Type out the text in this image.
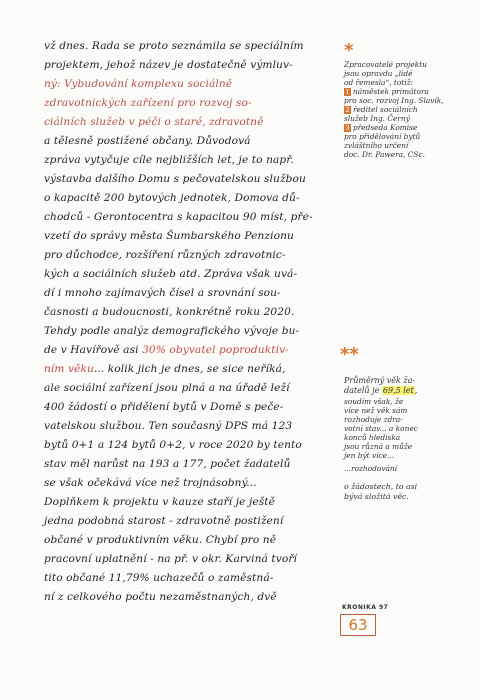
vž dnes. Rada se proto seznámila se speciálním
projektem, jehož název je dostatečně výmluv-
ný: Vybudování komplexu sociálně
zdravotnických zařízení pro rozvoj so-
ciálních služeb v péči o staré, zdravotně
a tělesně postižené občany. Důvodová
zpráva vytyčuje cíle nejbližších let, je to např.
výstavba dalšího Domu s pečovatelskou službou
o kapacitě 200 bytových jednotek, Domova dů-
chodců - Gerontocentra s kapacitou 90 míst, pře-
vzetí do správy města Šumbarského Penzionu
pro důchodce, rozšíření různých zdravotnic-
kých a sociálních služeb atd. Zpráva však uvá-
dí i mnoho zajímavých čísel a srovnání sou-
časnosti a budoucnosti, konkrétně roku 2020.
Tehdy podle analýz demografického vývoje bu-
de v Havířově asi 30% obyvatel poproduktiv-
ním věku... kolik jich je dnes, se sice neříká,
ale sociální zařízení jsou plná a na úřadě leží
400 žádostí o přidělení bytů v Domě s peče-
vatelskou službou. Ten současný DPS má 123
bytů 0+1 a 124 bytů 0+2, v roce 2020 by tento
stav měl narůst na 193 a 177, počet žadatelů
se však očekává více než trojnásobný...
Doplňkem k projektu v kauze staří je ještě
jedna podobná starost - zdravotně postižení
občané v produktivním věku. Chybí pro ně
pracovní uplatnění - na př. v okr. Karviná tvoří
tito občané 11,79% uchazečů o zaměstná-
ní z celkového počtu nezaměstnaných, dvě
*
Zpracovatelé projektu
jsou opravdu „lidé
od řemesla“, totiž:
1 náměstek primátora
pro soc. rozvoj Ing. Slavík,
2 ředitel sociálních
služeb Ing. Černý
3 předseda Komise
pro přidělování bytů
zvláštního určení
doc. Dr. Pawera, CSc.
**
Průměrný věk ža-
datelů je 69,5 let,
soudím však, že
více než věk sám
rozhoduje zdra-
votní stav... a konec
konců hlediska
jsou různá a může
jen být více...
...rozhodování
o žádostech, to asi
bývá složitá věc.
KRONIKA 97
63
